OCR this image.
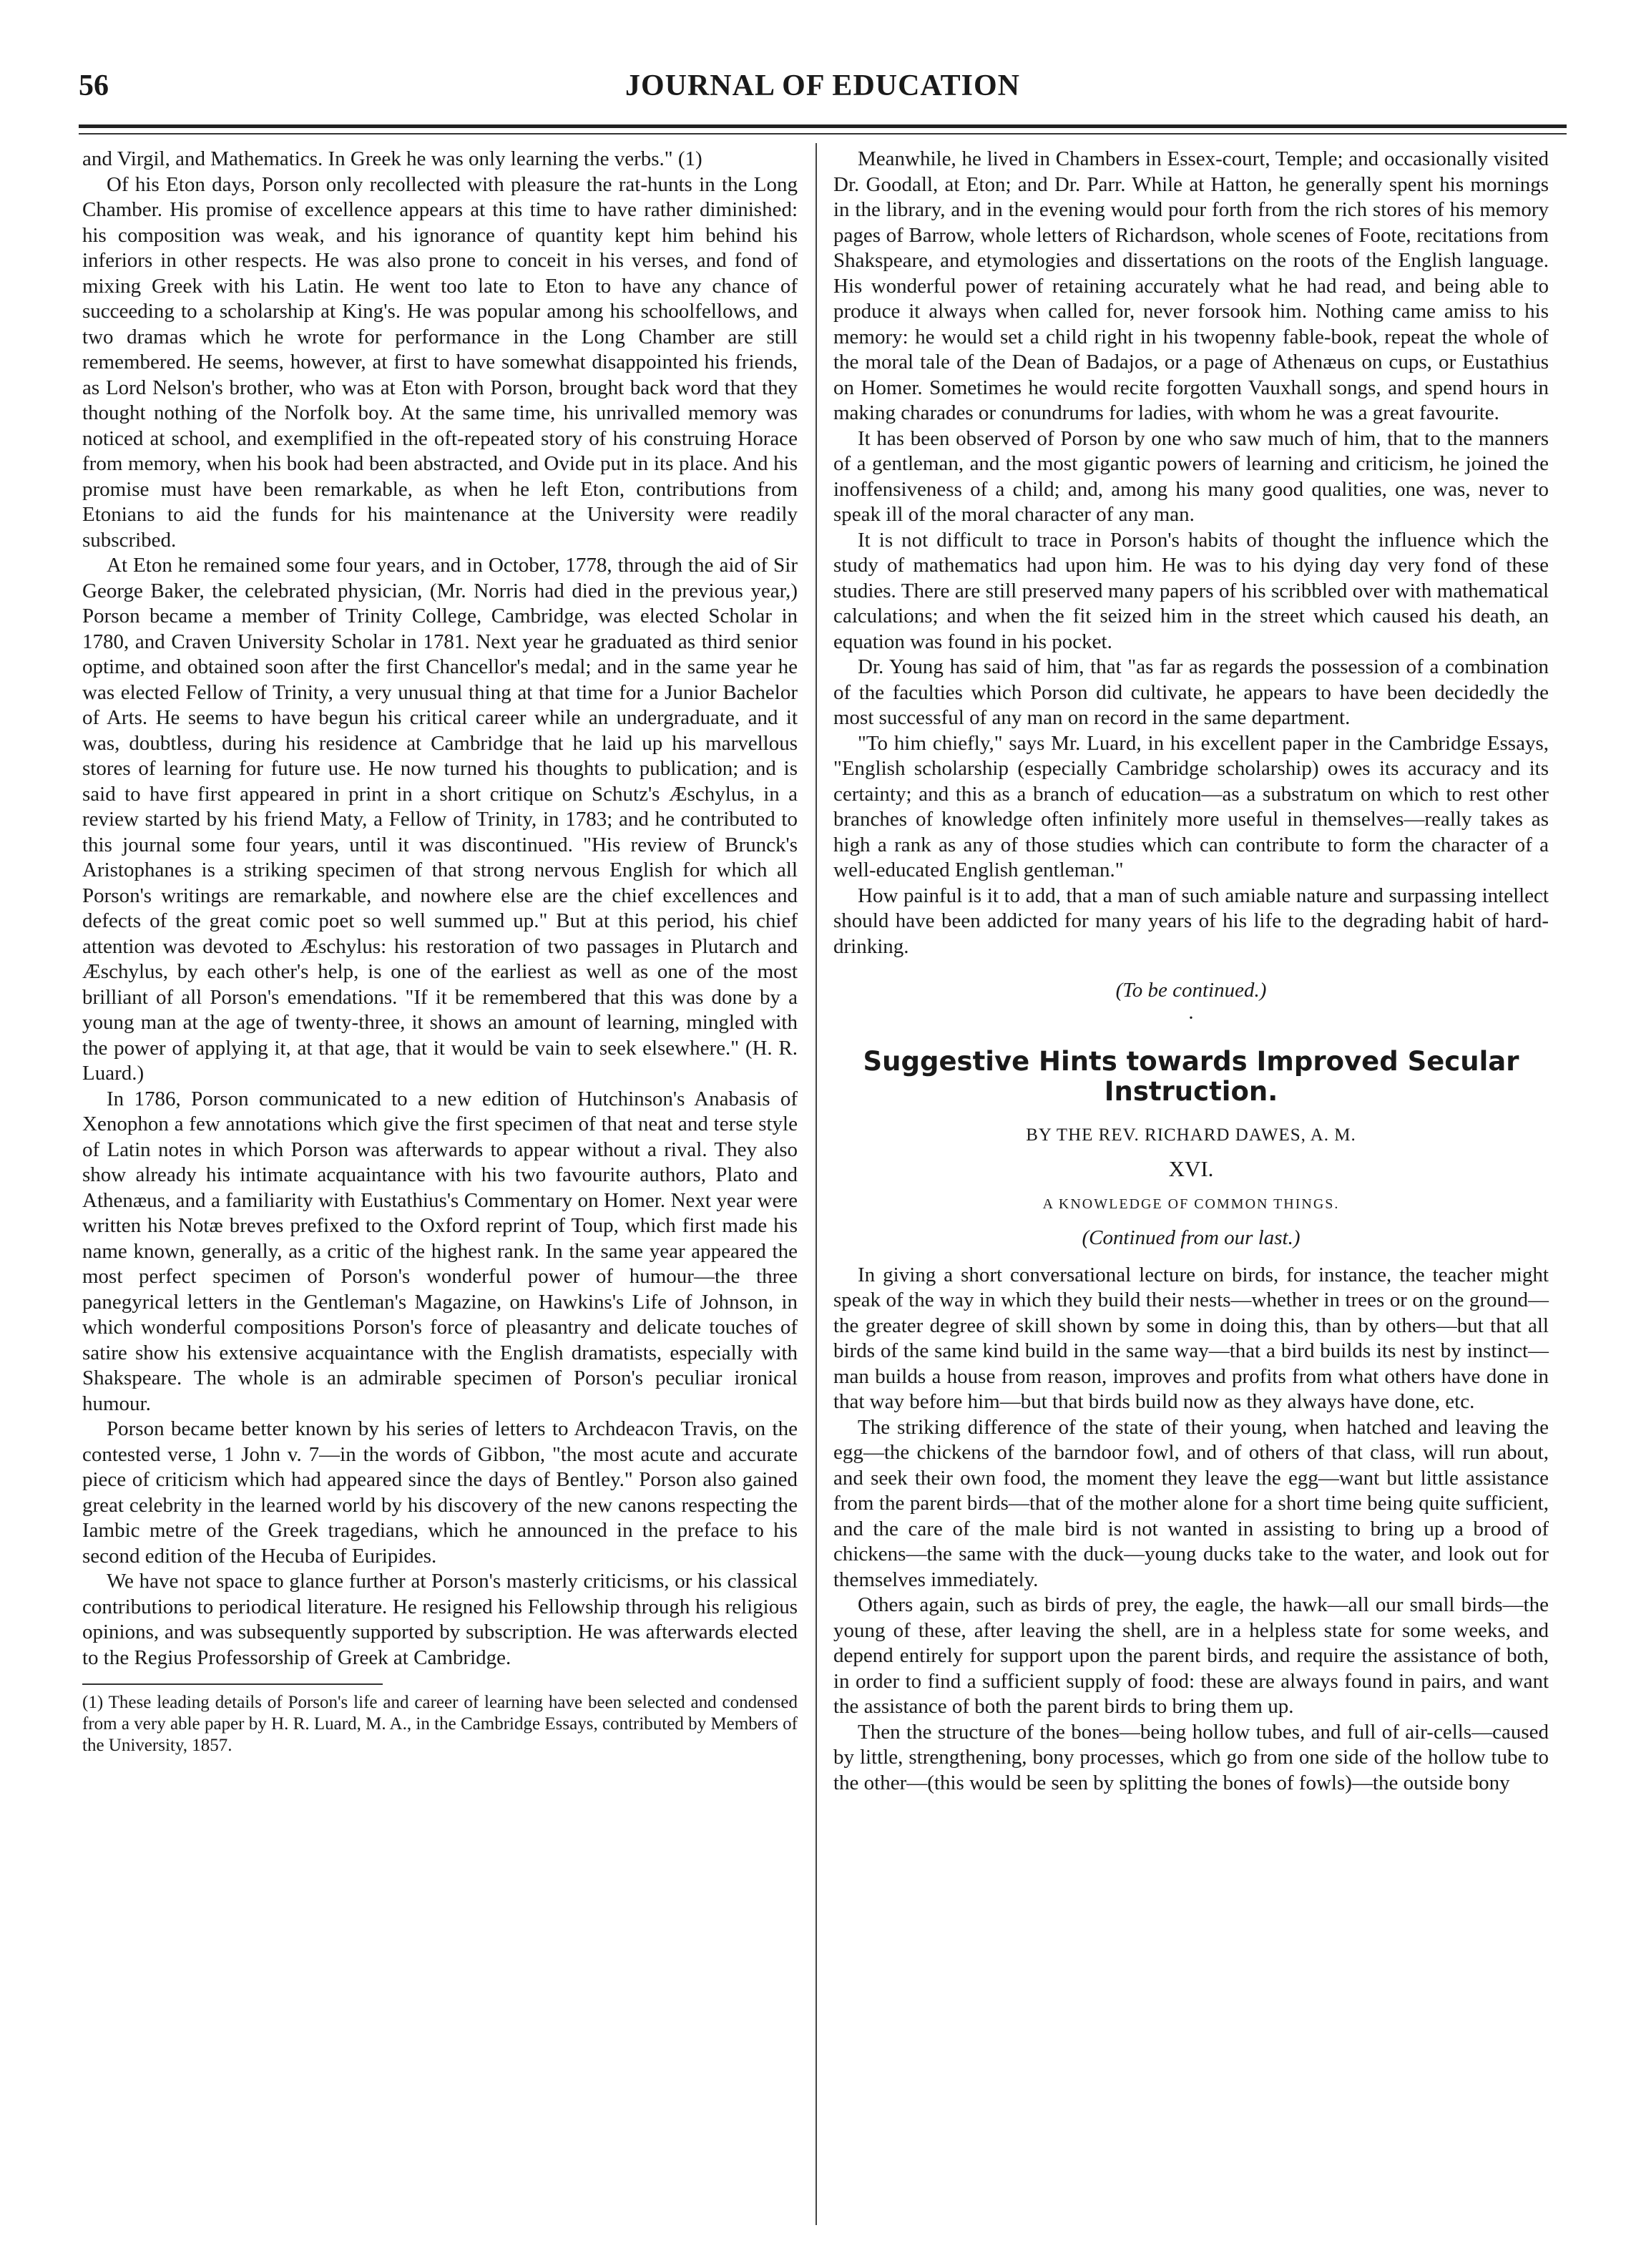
56	JOURNAL OF EDUCATION

and Virgil, and Mathematics. In Greek he was only learning the verbs." (1)

Of his Eton days, Porson only recollected with pleasure the rat-hunts in the Long Chamber. His promise of excellence appears at this time to have rather diminished: his composition was weak, and his ignorance of quantity kept him behind his inferiors in other respects. He was also prone to conceit in his verses, and fond of mixing Greek with his Latin. He went too late to Eton to have any chance of succeeding to a scholarship at King's. He was popular among his schoolfellows, and two dramas which he wrote for performance in the Long Chamber are still remembered. He seems, however, at first to have somewhat disappointed his friends, as Lord Nelson's brother, who was at Eton with Porson, brought back word that they thought nothing of the Norfolk boy. At the same time, his unrivalled memory was noticed at school, and exemplified in the oft-repeated story of his construing Horace from memory, when his book had been abstracted, and Ovide put in its place. And his promise must have been remarkable, as when he left Eton, contributions from Etonians to aid the funds for his maintenance at the University were readily subscribed.

At Eton he remained some four years, and in October, 1778, through the aid of Sir George Baker, the celebrated physician, (Mr. Norris had died in the previous year,) Porson became a member of Trinity College, Cambridge, was elected Scholar in 1780, and Craven University Scholar in 1781. Next year he graduated as third senior optime, and obtained soon after the first Chancellor's medal; and in the same year he was elected Fellow of Trinity, a very unusual thing at that time for a Junior Bachelor of Arts. He seems to have begun his critical career while an undergraduate, and it was, doubtless, during his residence at Cambridge that he laid up his marvellous stores of learning for future use. He now turned his thoughts to publication; and is said to have first appeared in print in a short critique on Schutz's Æschylus, in a review started by his friend Maty, a Fellow of Trinity, in 1783; and he contributed to this journal some four years, until it was discontinued. "His review of Brunck's Aristophanes is a striking specimen of that strong nervous English for which all Porson's writings are remarkable, and nowhere else are the chief excellences and defects of the great comic poet so well summed up." But at this period, his chief attention was devoted to Æschylus: his restoration of two passages in Plutarch and Æschylus, by each other's help, is one of the earliest as well as one of the most brilliant of all Porson's emendations. "If it be remembered that this was done by a young man at the age of twenty-three, it shows an amount of learning, mingled with the power of applying it, at that age, that it would be vain to seek elsewhere." (H. R. Luard.)

In 1786, Porson communicated to a new edition of Hutchinson's Anabasis of Xenophon a few annotations which give the first specimen of that neat and terse style of Latin notes in which Porson was afterwards to appear without a rival. They also show already his intimate acquaintance with his two favourite authors, Plato and Athenæus, and a familiarity with Eustathius's Commentary on Homer. Next year were written his Notæ breves prefixed to the Oxford reprint of Toup, which first made his name known, generally, as a critic of the highest rank. In the same year appeared the most perfect specimen of Porson's wonderful power of humour—the three panegyrical letters in the Gentleman's Magazine, on Hawkins's Life of Johnson, in which wonderful compositions Porson's force of pleasantry and delicate touches of satire show his extensive acquaintance with the English dramatists, especially with Shakspeare. The whole is an admirable specimen of Porson's peculiar ironical humour.

Porson became better known by his series of letters to Archdeacon Travis, on the contested verse, 1 John v. 7—in the words of Gibbon, "the most acute and accurate piece of criticism which had appeared since the days of Bentley." Porson also gained great celebrity in the learned world by his discovery of the new canons respecting the Iambic metre of the Greek tragedians, which he announced in the preface to his second edition of the Hecuba of Euripides.

We have not space to glance further at Porson's masterly criticisms, or his classical contributions to periodical literature. He resigned his Fellowship through his religious opinions, and was subsequently supported by subscription. He was afterwards elected to the Regius Professorship of Greek at Cambridge.

(1) These leading details of Porson's life and career of learning have been selected and condensed from a very able paper by H. R. Luard, M. A., in the Cambridge Essays, contributed by Members of the University, 1857.

Meanwhile, he lived in Chambers in Essex-court, Temple; and occasionally visited Dr. Goodall, at Eton; and Dr. Parr. While at Hatton, he generally spent his mornings in the library, and in the evening would pour forth from the rich stores of his memory pages of Barrow, whole letters of Richardson, whole scenes of Foote, recitations from Shakspeare, and etymologies and dissertations on the roots of the English language. His wonderful power of retaining accurately what he had read, and being able to produce it always when called for, never forsook him. Nothing came amiss to his memory: he would set a child right in his twopenny fable-book, repeat the whole of the moral tale of the Dean of Badajos, or a page of Athenæus on cups, or Eustathius on Homer. Sometimes he would recite forgotten Vauxhall songs, and spend hours in making charades or conundrums for ladies, with whom he was a great favourite.

It has been observed of Porson by one who saw much of him, that to the manners of a gentleman, and the most gigantic powers of learning and criticism, he joined the inoffensiveness of a child; and, among his many good qualities, one was, never to speak ill of the moral character of any man.

It is not difficult to trace in Porson's habits of thought the influence which the study of mathematics had upon him. He was to his dying day very fond of these studies. There are still preserved many papers of his scribbled over with mathematical calculations; and when the fit seized him in the street which caused his death, an equation was found in his pocket.

Dr. Young has said of him, that "as far as regards the possession of a combination of the faculties which Porson did cultivate, he appears to have been decidedly the most successful of any man on record in the same department.

"To him chiefly," says Mr. Luard, in his excellent paper in the Cambridge Essays, "English scholarship (especially Cambridge scholarship) owes its accuracy and its certainty; and this as a branch of education—as a substratum on which to rest other branches of knowledge often infinitely more useful in themselves—really takes as high a rank as any of those studies which can contribute to form the character of a well-educated English gentleman."

How painful is it to add, that a man of such amiable nature and surpassing intellect should have been addicted for many years of his life to the degrading habit of hard-drinking.

(To be continued.)

·

Suggestive Hints towards Improved Secular Instruction.

BY THE REV. RICHARD DAWES, A. M.

XVI.

A KNOWLEDGE OF COMMON THINGS.

(Continued from our last.)

In giving a short conversational lecture on birds, for instance, the teacher might speak of the way in which they build their nests—whether in trees or on the ground—the greater degree of skill shown by some in doing this, than by others—but that all birds of the same kind build in the same way—that a bird builds its nest by instinct—man builds a house from reason, improves and profits from what others have done in that way before him—but that birds build now as they always have done, etc.

The striking difference of the state of their young, when hatched and leaving the egg—the chickens of the barndoor fowl, and of others of that class, will run about, and seek their own food, the moment they leave the egg—want but little assistance from the parent birds—that of the mother alone for a short time being quite sufficient, and the care of the male bird is not wanted in assisting to bring up a brood of chickens—the same with the duck—young ducks take to the water, and look out for themselves immediately.

Others again, such as birds of prey, the eagle, the hawk—all our small birds—the young of these, after leaving the shell, are in a helpless state for some weeks, and depend entirely for support upon the parent birds, and require the assistance of both, in order to find a sufficient supply of food: these are always found in pairs, and want the assistance of both the parent birds to bring them up.

Then the structure of the bones—being hollow tubes, and full of air-cells—caused by little, strengthening, bony processes, which go from one side of the hollow tube to the other—(this would be seen by splitting the bones of fowls)—the outside bony
